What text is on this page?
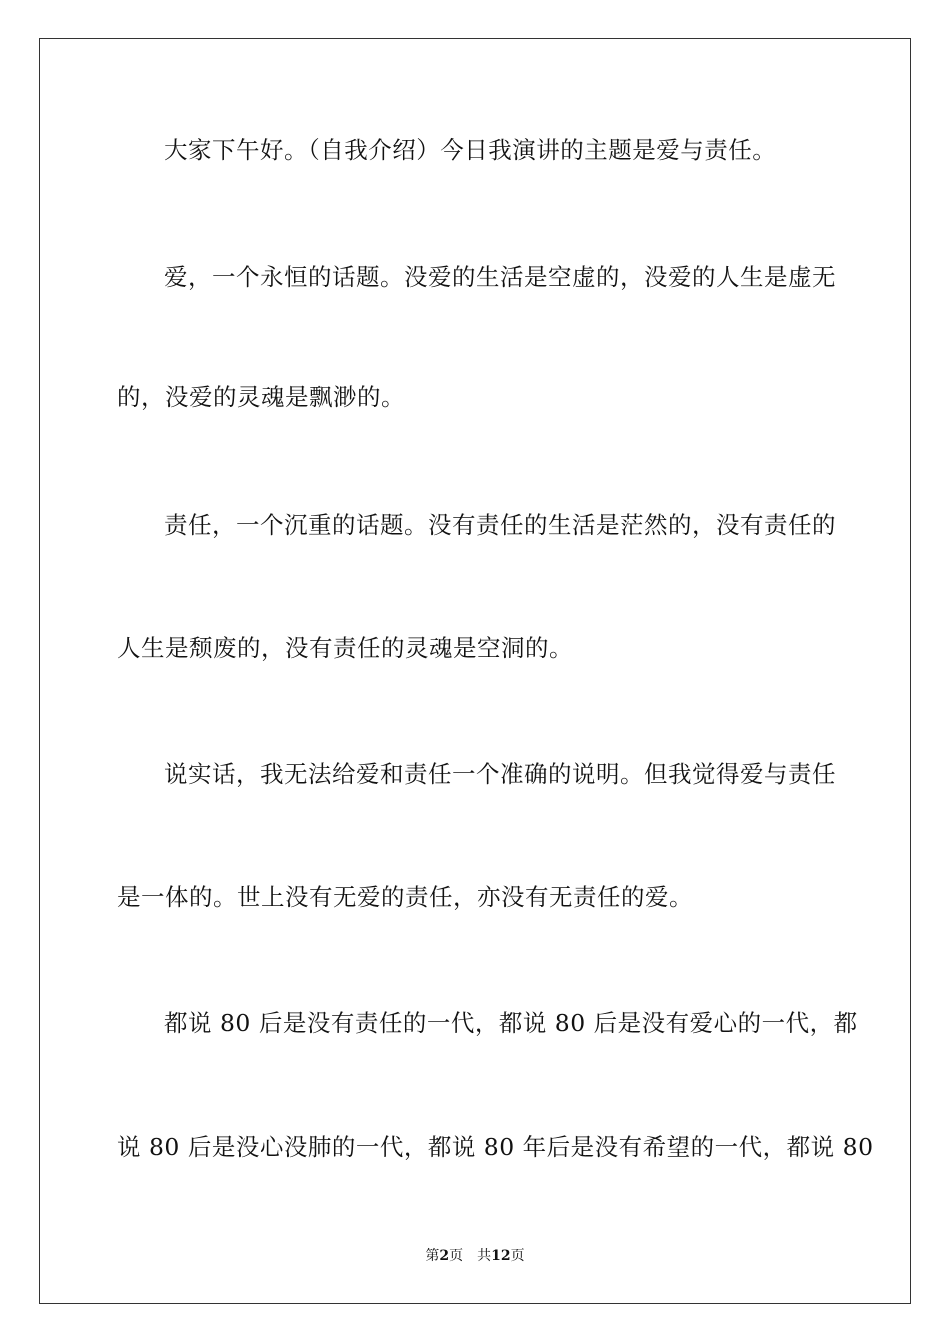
大家下午好。（自我介绍）今日我演讲的主题是爱与责任。
爱，一个永恒的话题。没爱的生活是空虚的，没爱的人生是虚无
的，没爱的灵魂是飘渺的。
责任，一个沉重的话题。没有责任的生活是茫然的，没有责任的
人生是颓废的，没有责任的灵魂是空洞的。
说实话，我无法给爱和责任一个准确的说明。但我觉得爱与责任
是一体的。世上没有无爱的责任，亦没有无责任的爱。
都说 80 后是没有责任的一代，都说 80 后是没有爱心的一代，都
说 80 后是没心没肺的一代，都说 80 年后是没有希望的一代，都说 80
第2页 共12页
